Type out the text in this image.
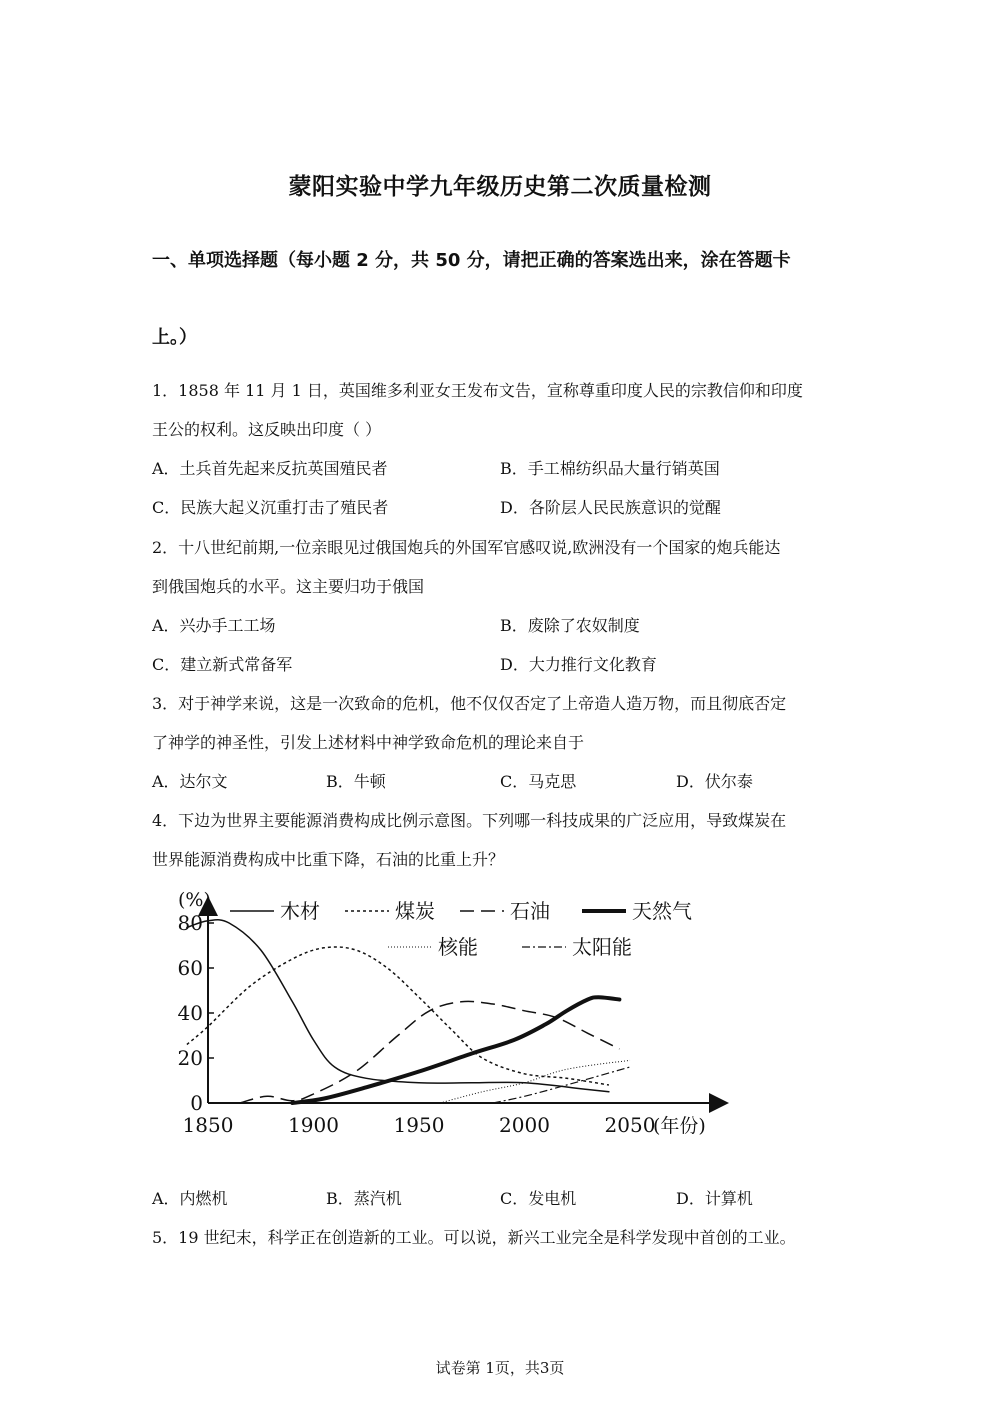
蒙阳实验中学九年级历史第二次质量检测
一、单项选择题（每小题 2 分，共 50 分，请把正确的答案选出来，涂在答题卡
上。）
1．1858 年 11 月 1 日，英国维多利亚女王发布文告，宣称尊重印度人民的宗教信仰和印度
王公的权利。这反映出印度（ ）
A．土兵首先起来反抗英国殖民者	B．手工棉纺织品大量行销英国
C．民族大起义沉重打击了殖民者	D．各阶层人民民族意识的觉醒
2．十八世纪前期,一位亲眼见过俄国炮兵的外国军官感叹说,欧洲没有一个国家的炮兵能达
到俄国炮兵的水平。这主要归功于俄国
A．兴办手工工场	B．废除了农奴制度
C．建立新式常备军	D．大力推行文化教育
3．对于神学来说，这是一次致命的危机，他不仅仅否定了上帝造人造万物，而且彻底否定
了神学的神圣性，引发上述材料中神学致命危机的理论来自于
A．达尔文	B．牛顿	C．马克思	D．伏尔泰
4．下边为世界主要能源消费构成比例示意图。下列哪一科技成果的广泛应用，导致煤炭在
世界能源消费构成中比重下降，石油的比重上升？
0
20
40
60
80
1850	1900	1950	2000	2050
(%)
(年份)
木材	煤炭	石油	天然气
核能	太阳能
A．内燃机	B．蒸汽机	C．发电机	D．计算机
5．19 世纪末，科学正在创造新的工业。可以说，新兴工业完全是科学发现中首创的工业。
试卷第 1页，共3页
